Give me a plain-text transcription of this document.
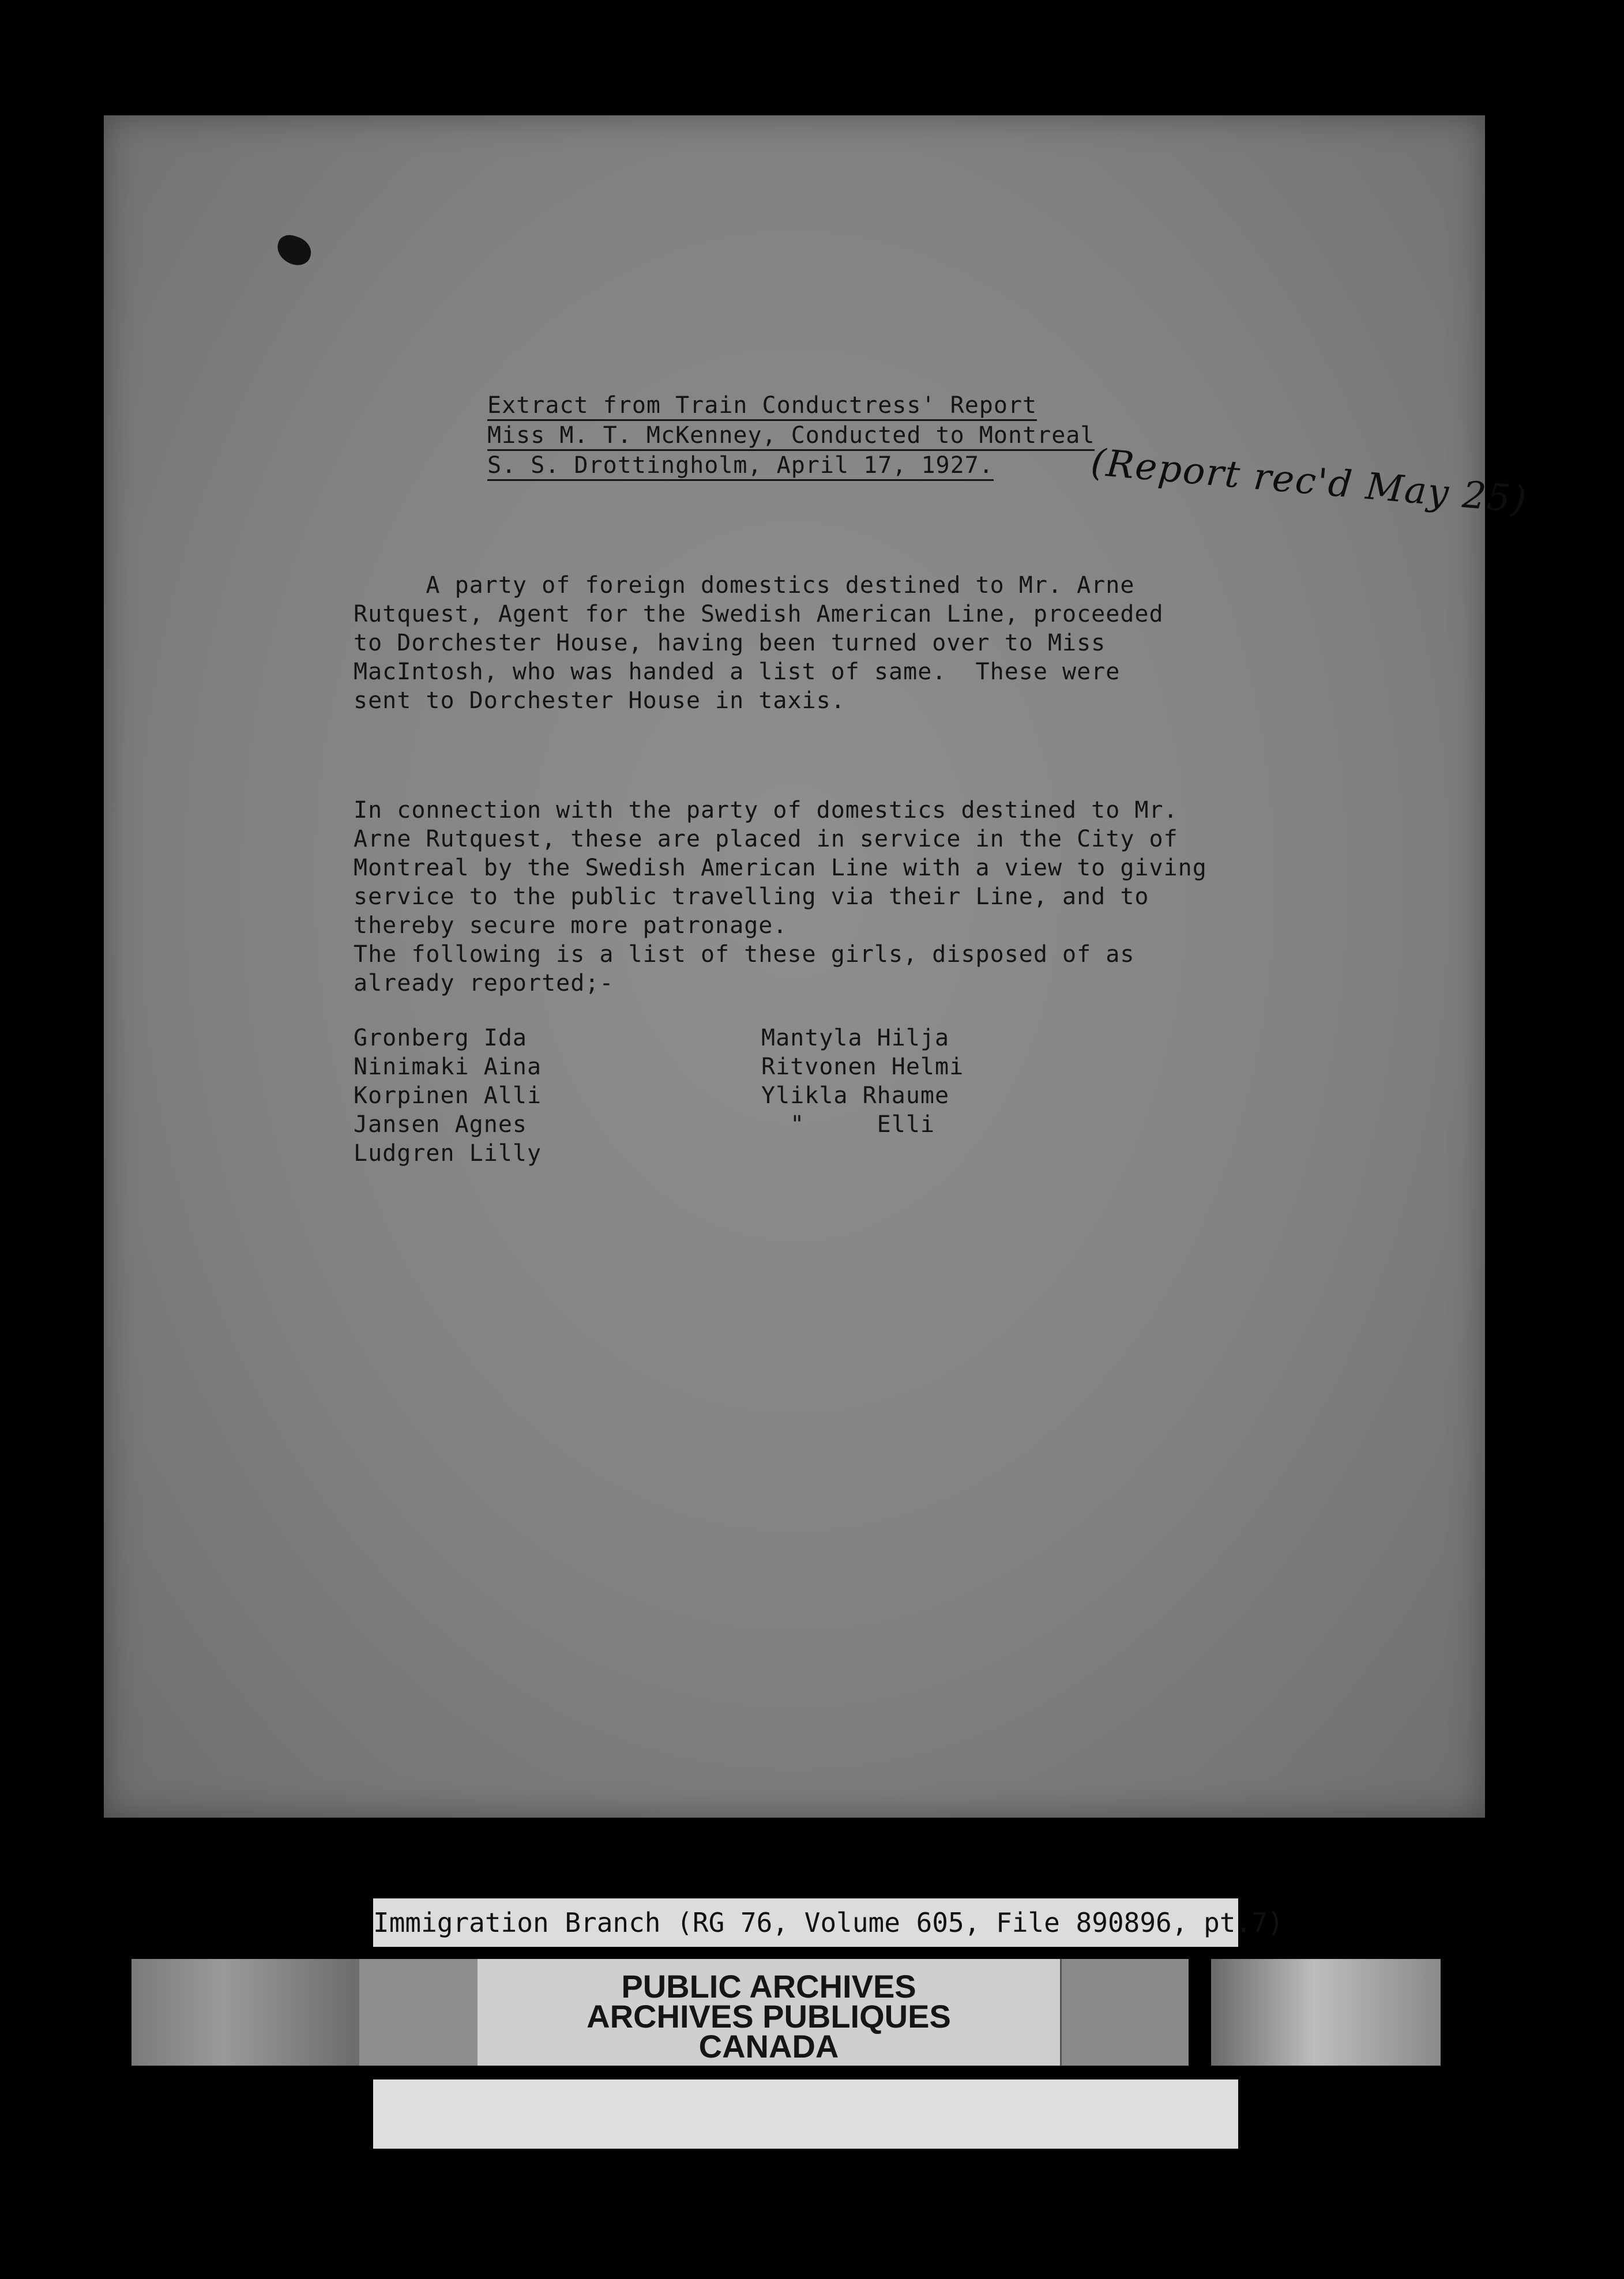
Extract from Train Conductress' Report
Miss M. T. McKenney, Conducted to Montreal
S. S. Drottingholm, April 17, 1927.	(Report rec'd May 25)
A party of foreign domestics destined to Mr. Arne
Rutquest, Agent for the Swedish American Line, proceeded
to Dorchester House, having been turned over to Miss
MacIntosh, who was handed a list of same.  These were
sent to Dorchester House in taxis.
In connection with the party of domestics destined to Mr.
Arne Rutquest, these are placed in service in the City of
Montreal by the Swedish American Line with a view to giving
service to the public travelling via their Line, and to
thereby secure more patronage.
The following is a list of these girls, disposed of as
already reported;-
Gronberg Ida
Ninimaki Aina
Korpinen Alli
Jansen Agnes
Ludgren Lilly
Mantyla Hilja
Ritvonen Helmi
Ylikla Rhaume
"     Elli
Immigration Branch (RG 76, Volume 605, File 890896, pt.7)
PUBLIC ARCHIVES
ARCHIVES PUBLIQUES
CANADA
